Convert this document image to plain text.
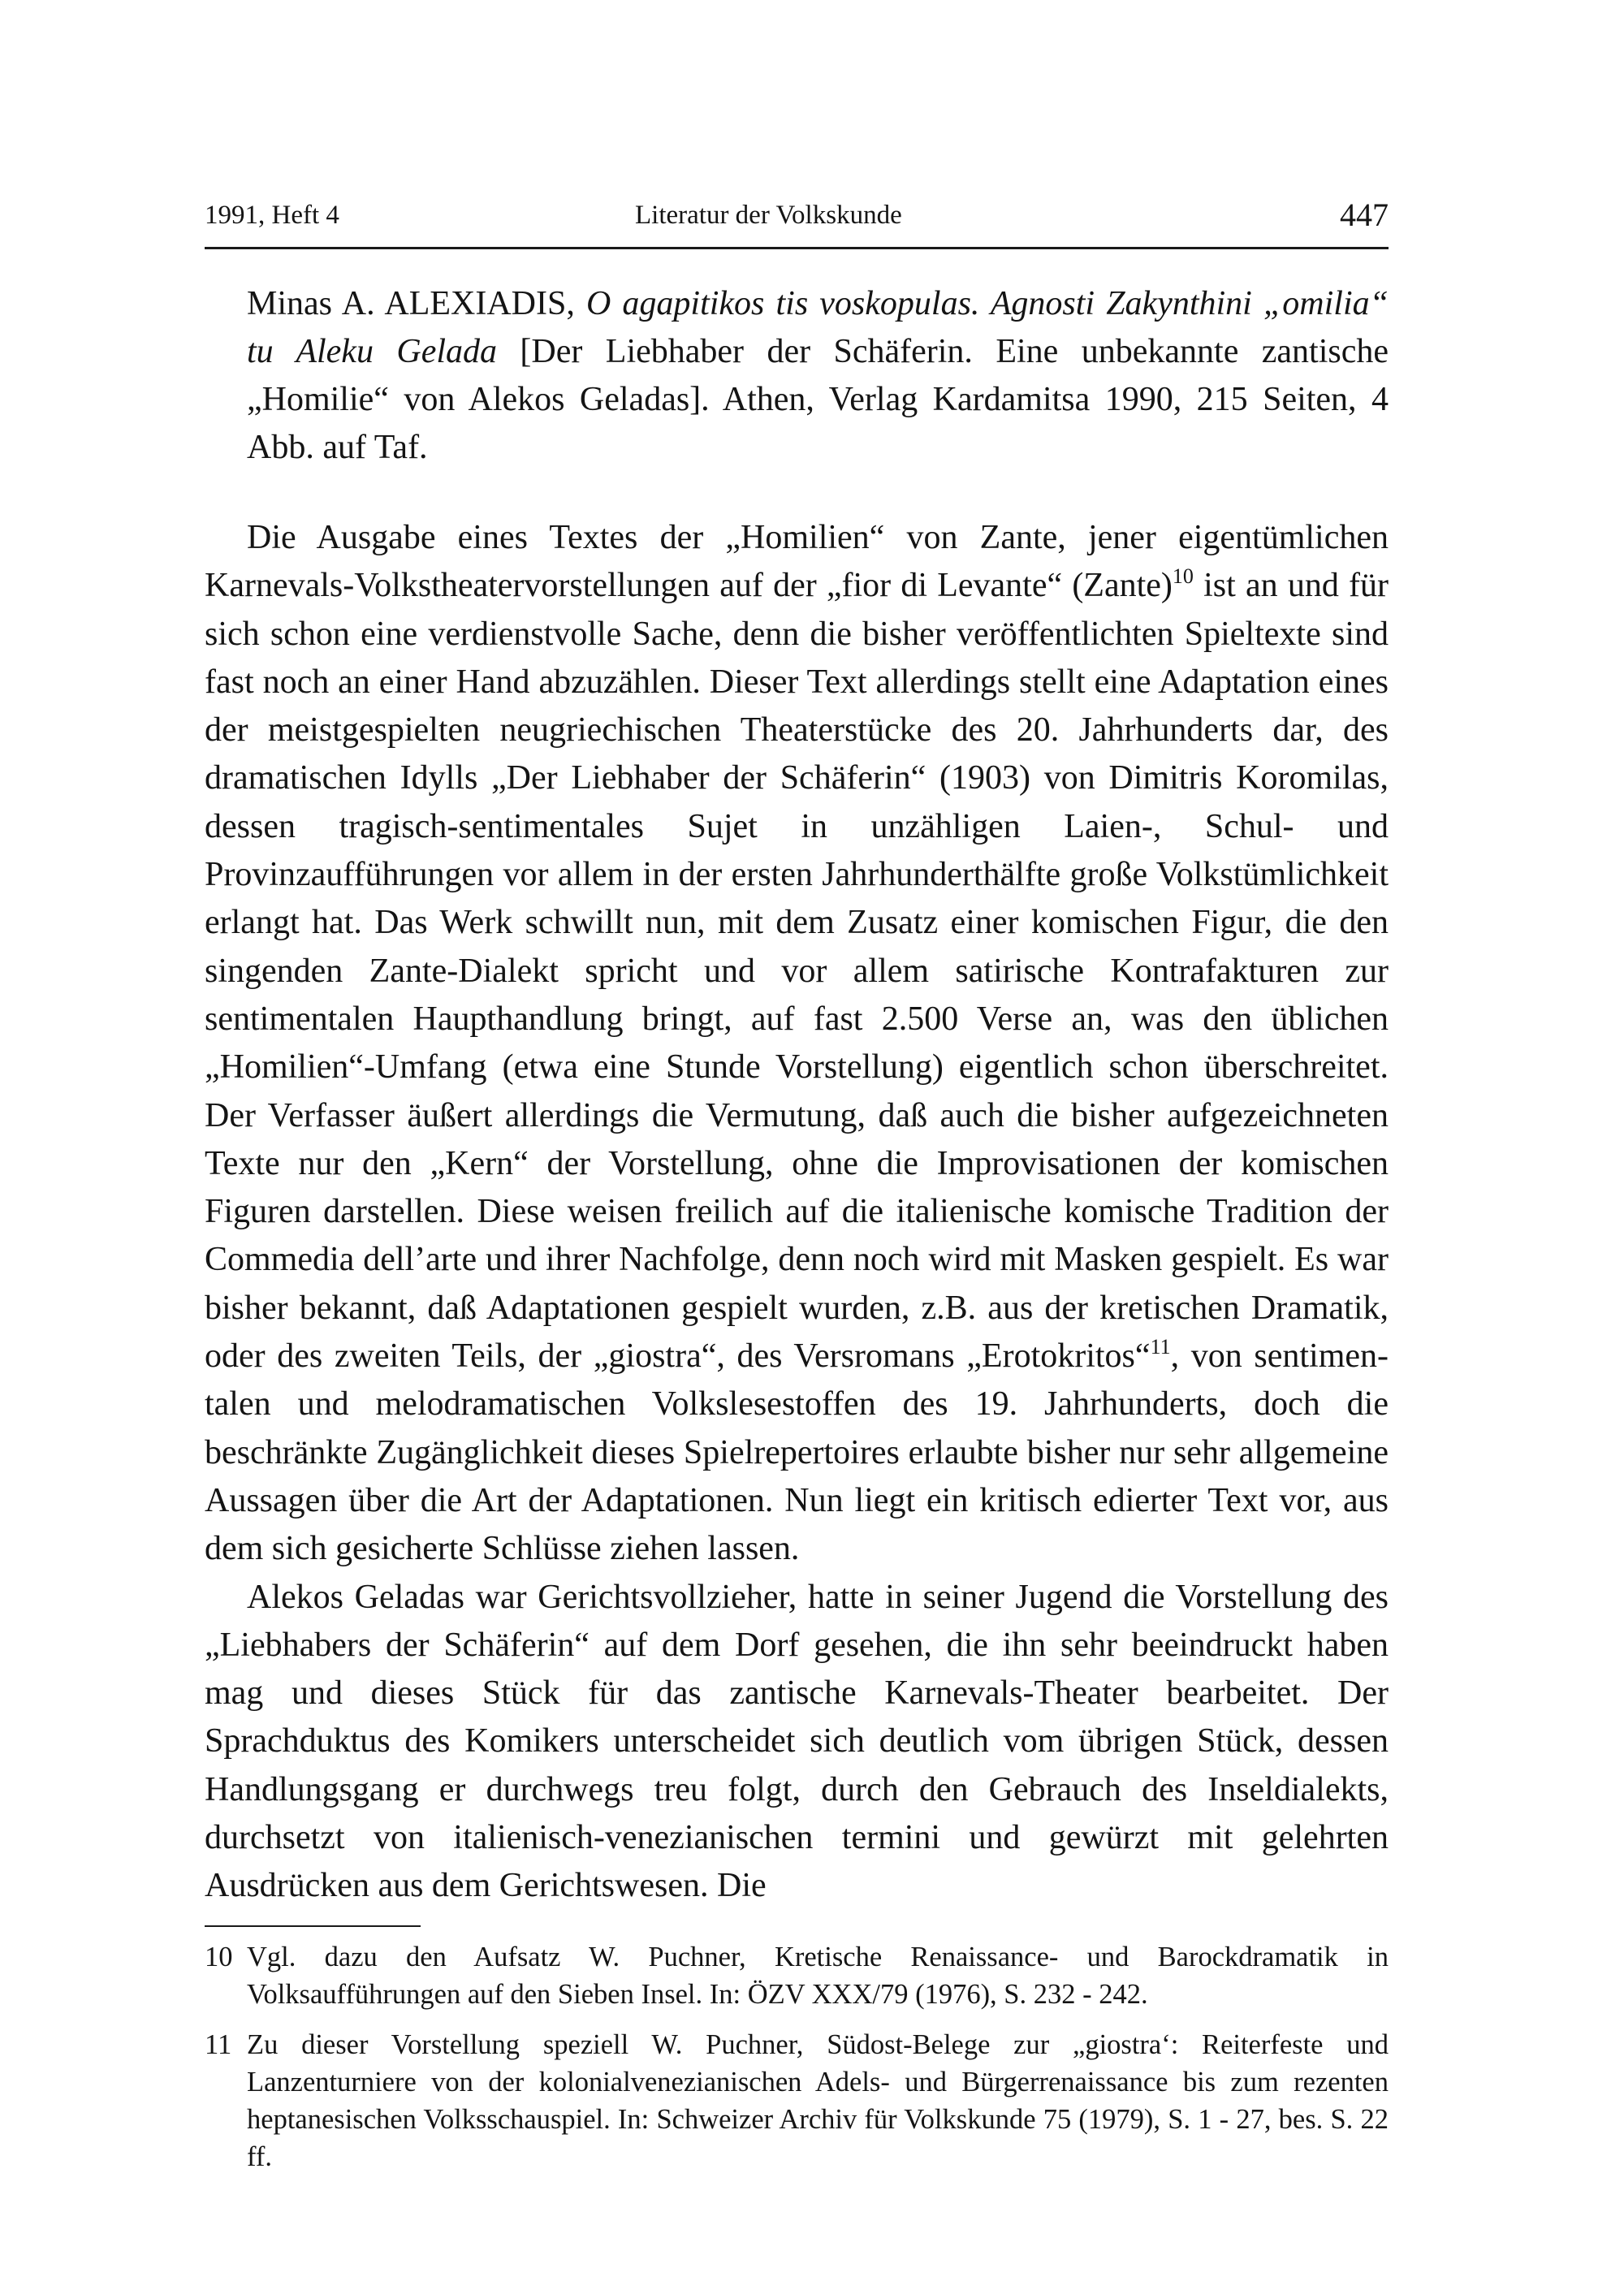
1991, Heft 4	Literatur der Volkskunde	447
Minas A. ALEXIADIS, O agapitikos tis voskopulas. Agnosti Zakynthini „omilia“ tu Aleku Gelada [Der Liebhaber der Schäferin. Eine unbekannte zantische „Homilie“ von Alekos Geladas]. Athen, Verlag Kardamitsa 1990, 215 Seiten, 4 Abb. auf Taf.

Die Ausgabe eines Textes der „Homilien“ von Zante, jener eigentümlichen Karnevals-Volkstheatervorstellungen auf der „fior di Levante“ (Zante)$^{10}$ ist an und für sich schon eine verdienstvolle Sache, denn die bisher veröffentlichten Spieltexte sind fast noch an einer Hand abzuzählen. Dieser Text allerdings stellt eine Adaptation eines der meistgespielten neugriechischen Theaterstücke des 20. Jahrhunderts dar, des dramatischen Idylls „Der Liebhaber der Schäferin“ (1903) von Dimitris Koromilas, dessen tragisch-sentimentales Sujet in unzähligen Laien-, Schul- und Provinzaufführungen vor allem in der ersten Jahrhunderthälfte große Volkstümlichkeit erlangt hat. Das Werk schwillt nun, mit dem Zusatz einer komischen Figur, die den singenden Zante-Dialekt spricht und vor allem satirische Kontrafakturen zur sentimentalen Haupthandlung bringt, auf fast 2.500 Verse an, was den üblichen „Homilien“-Umfang (etwa eine Stunde Vorstellung) eigentlich schon überschreitet. Der Verfasser äußert allerdings die Vermutung, daß auch die bisher aufgezeichneten Texte nur den „Kern“ der Vorstellung, ohne die Improvisationen der komischen Figuren darstellen. Diese weisen freilich auf die italienische komische Tradition der Commedia dell’arte und ihrer Nachfolge, denn noch wird mit Masken gespielt. Es war bisher bekannt, daß Adaptationen gespielt wurden, z.B. aus der kretischen Dramatik, oder des zweiten Teils, der „giostra“, des Versromans „Erotokritos“$^{11}$, von sentimentalen und melodramatischen Volkslesestoffen des 19. Jahrhunderts, doch die beschränkte Zugänglichkeit dieses Spielrepertoires erlaubte bisher nur sehr allgemeine Aussagen über die Art der Adaptationen. Nun liegt ein kritisch edierter Text vor, aus dem sich gesicherte Schlüsse ziehen lassen.

Alekos Geladas war Gerichtsvollzieher, hatte in seiner Jugend die Vorstellung des „Liebhabers der Schäferin“ auf dem Dorf gesehen, die ihn sehr beeindruckt haben mag und dieses Stück für das zantische Karnevals-Theater bearbeitet. Der Sprachduktus des Komikers unterscheidet sich deutlich vom übrigen Stück, dessen Handlungsgang er durchwegs treu folgt, durch den Gebrauch des Inseldialekts, durchsetzt von italienisch-venezianischen termini und gewürzt mit gelehrten Ausdrücken aus dem Gerichtswesen. Die

10 Vgl. dazu den Aufsatz W. Puchner, Kretische Renaissance- und Barockdramatik in Volksaufführungen auf den Sieben Insel. In: ÖZV XXX/79 (1976), S. 232 - 242.
11 Zu dieser Vorstellung speziell W. Puchner, Südost-Belege zur „giostra‘: Reiterfeste und Lanzenturniere von der kolonialvenezianischen Adels- und Bürgerrenaissance bis zum rezenten heptanesischen Volksschauspiel. In: Schweizer Archiv für Volkskunde 75 (1979), S. 1 - 27, bes. S. 22 ff.
